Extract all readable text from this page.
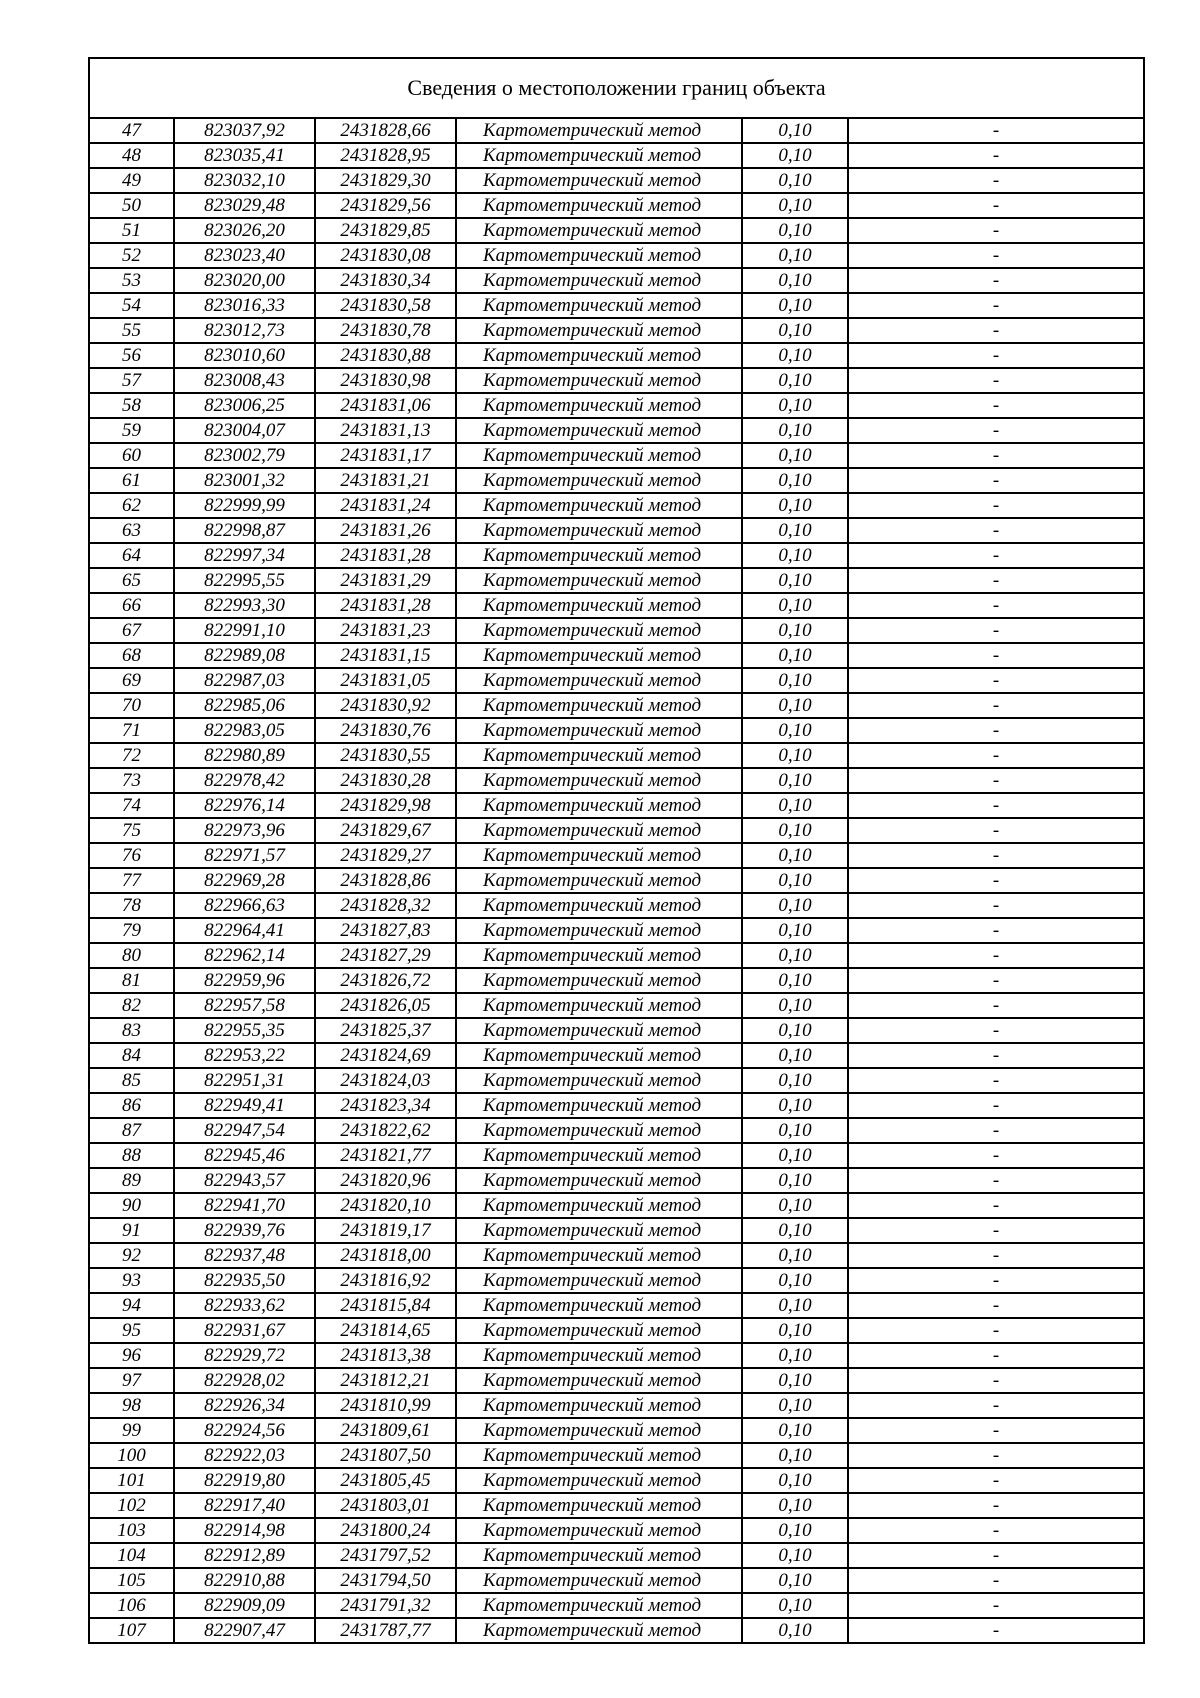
Сведения о местоположении границ объекта
47	823037,92	2431828,66	Картометрический метод	0,10	-
48	823035,41	2431828,95	Картометрический метод	0,10	-
49	823032,10	2431829,30	Картометрический метод	0,10	-
50	823029,48	2431829,56	Картометрический метод	0,10	-
51	823026,20	2431829,85	Картометрический метод	0,10	-
52	823023,40	2431830,08	Картометрический метод	0,10	-
53	823020,00	2431830,34	Картометрический метод	0,10	-
54	823016,33	2431830,58	Картометрический метод	0,10	-
55	823012,73	2431830,78	Картометрический метод	0,10	-
56	823010,60	2431830,88	Картометрический метод	0,10	-
57	823008,43	2431830,98	Картометрический метод	0,10	-
58	823006,25	2431831,06	Картометрический метод	0,10	-
59	823004,07	2431831,13	Картометрический метод	0,10	-
60	823002,79	2431831,17	Картометрический метод	0,10	-
61	823001,32	2431831,21	Картометрический метод	0,10	-
62	822999,99	2431831,24	Картометрический метод	0,10	-
63	822998,87	2431831,26	Картометрический метод	0,10	-
64	822997,34	2431831,28	Картометрический метод	0,10	-
65	822995,55	2431831,29	Картометрический метод	0,10	-
66	822993,30	2431831,28	Картометрический метод	0,10	-
67	822991,10	2431831,23	Картометрический метод	0,10	-
68	822989,08	2431831,15	Картометрический метод	0,10	-
69	822987,03	2431831,05	Картометрический метод	0,10	-
70	822985,06	2431830,92	Картометрический метод	0,10	-
71	822983,05	2431830,76	Картометрический метод	0,10	-
72	822980,89	2431830,55	Картометрический метод	0,10	-
73	822978,42	2431830,28	Картометрический метод	0,10	-
74	822976,14	2431829,98	Картометрический метод	0,10	-
75	822973,96	2431829,67	Картометрический метод	0,10	-
76	822971,57	2431829,27	Картометрический метод	0,10	-
77	822969,28	2431828,86	Картометрический метод	0,10	-
78	822966,63	2431828,32	Картометрический метод	0,10	-
79	822964,41	2431827,83	Картометрический метод	0,10	-
80	822962,14	2431827,29	Картометрический метод	0,10	-
81	822959,96	2431826,72	Картометрический метод	0,10	-
82	822957,58	2431826,05	Картометрический метод	0,10	-
83	822955,35	2431825,37	Картометрический метод	0,10	-
84	822953,22	2431824,69	Картометрический метод	0,10	-
85	822951,31	2431824,03	Картометрический метод	0,10	-
86	822949,41	2431823,34	Картометрический метод	0,10	-
87	822947,54	2431822,62	Картометрический метод	0,10	-
88	822945,46	2431821,77	Картометрический метод	0,10	-
89	822943,57	2431820,96	Картометрический метод	0,10	-
90	822941,70	2431820,10	Картометрический метод	0,10	-
91	822939,76	2431819,17	Картометрический метод	0,10	-
92	822937,48	2431818,00	Картометрический метод	0,10	-
93	822935,50	2431816,92	Картометрический метод	0,10	-
94	822933,62	2431815,84	Картометрический метод	0,10	-
95	822931,67	2431814,65	Картометрический метод	0,10	-
96	822929,72	2431813,38	Картометрический метод	0,10	-
97	822928,02	2431812,21	Картометрический метод	0,10	-
98	822926,34	2431810,99	Картометрический метод	0,10	-
99	822924,56	2431809,61	Картометрический метод	0,10	-
100	822922,03	2431807,50	Картометрический метод	0,10	-
101	822919,80	2431805,45	Картометрический метод	0,10	-
102	822917,40	2431803,01	Картометрический метод	0,10	-
103	822914,98	2431800,24	Картометрический метод	0,10	-
104	822912,89	2431797,52	Картометрический метод	0,10	-
105	822910,88	2431794,50	Картометрический метод	0,10	-
106	822909,09	2431791,32	Картометрический метод	0,10	-
107	822907,47	2431787,77	Картометрический метод	0,10	-
